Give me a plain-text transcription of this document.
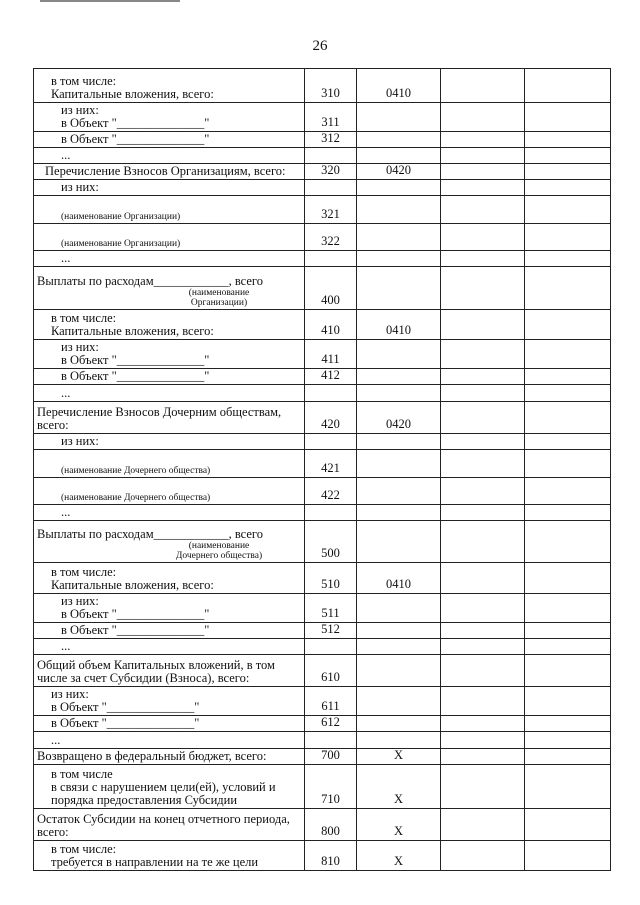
26
в том числе:
Капитальные вложения, всего:	310	0410		

из них:
в Объект "______________"	311			

в Объект "______________"	312			

...				

Перечисление Взносов Организациям, всего:	320	0420		

из них:				

(наименование Организации)	321			

(наименование Организации)	322			

...				

Выплаты по расходам____________, всего
(наименование
Организации)	400			

в том числе:
Капитальные вложения, всего:	410	0410		

из них:
в Объект "______________"	411			

в Объект "______________"	412			

...				

Перечисление Взносов Дочерним обществам,
всего:	420	0420		

из них:				

(наименование Дочернего общества)	421			

(наименование Дочернего общества)	422			

...				

Выплаты по расходам____________, всего
(наименование
Дочернего общества)	500			

в том числе:
Капитальные вложения, всего:	510	0410		

из них:
в Объект "______________"	511			

в Объект "______________"	512			

...				

Общий объем Капитальных вложений, в том
числе за счет Субсидии (Взноса), всего:	610			

из них:
в Объект "______________"	611			

в Объект "______________"	612			

...				

Возвращено в федеральный бюджет, всего:	700	X		

в том числе
в связи с нарушением цели(ей), условий и
порядка предоставления Субсидии	710	X		

Остаток Субсидии на конец отчетного периода,
всего:	800	X		

в том числе:
требуется в направлении на те же цели	810	X		
